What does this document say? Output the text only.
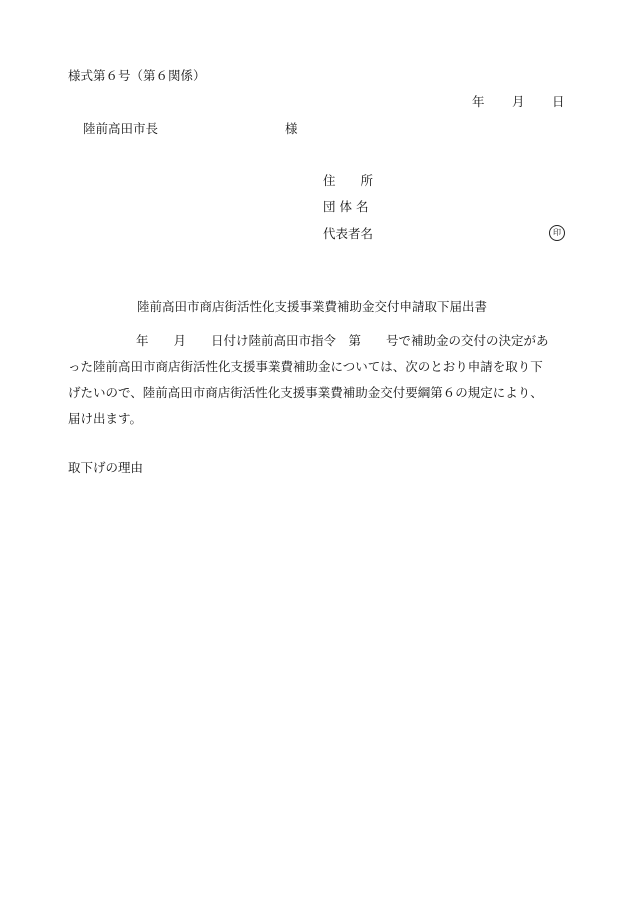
様式第６号（第６関係）
年 月 日
陸前高田市長	様
住　　所
団 体 名
代表者名	印
陸前高田市商店街活性化支援事業費補助金交付申請取下届出書
年　　月　　日付け陸前高田市指令　第　　号で補助金の交付の決定があ
った陸前高田市商店街活性化支援事業費補助金については、次のとおり申請を取り下
げたいので、陸前高田市商店街活性化支援事業費補助金交付要綱第６の規定により、
届け出ます。
取下げの理由
